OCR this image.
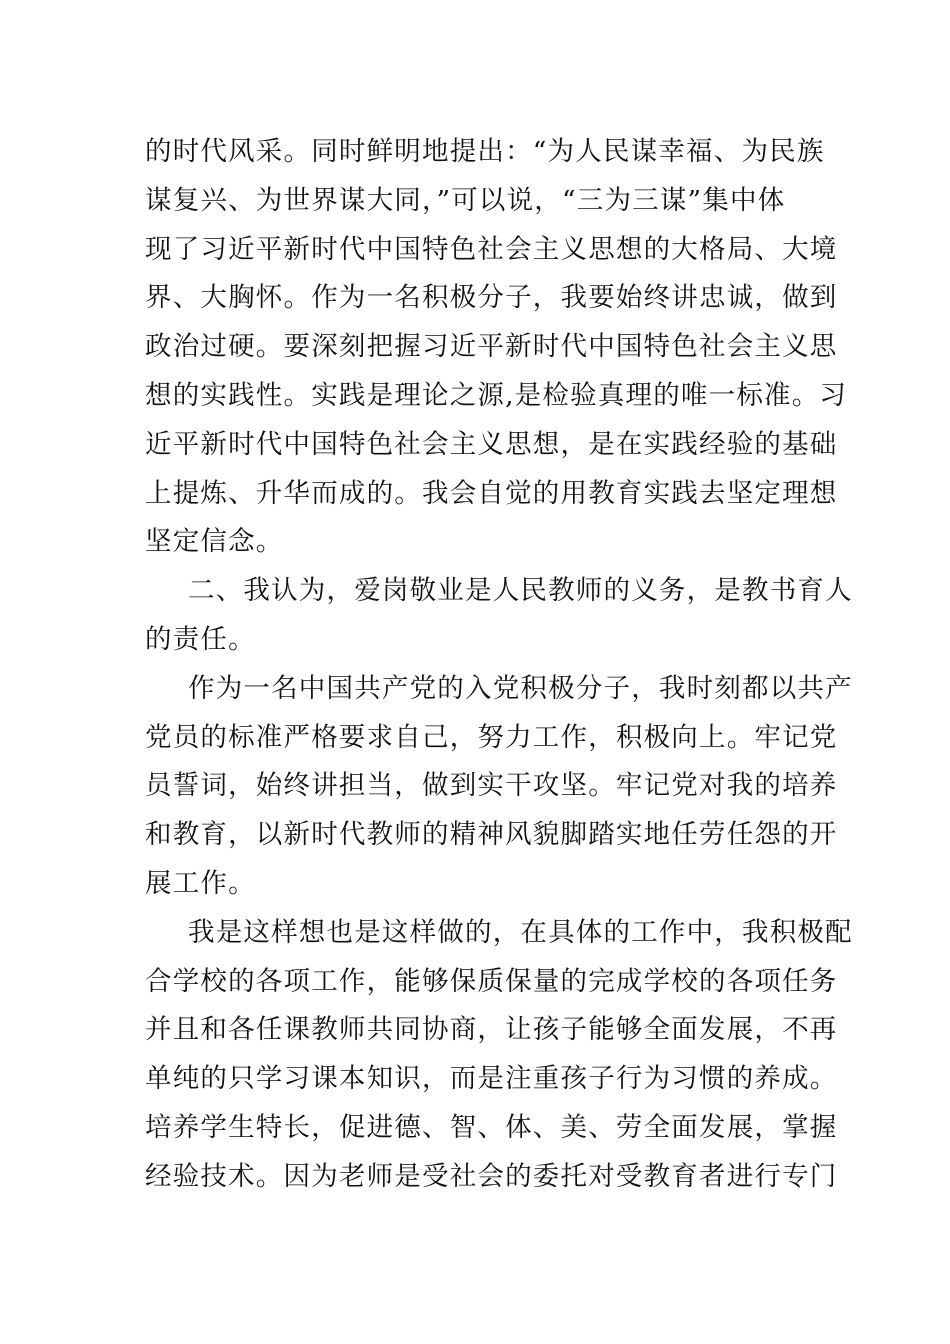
的时代风采。同时鲜明地提出：“为人民谋幸福、为民族
谋复兴、为世界谋大同，”可以说，“三为三谋”集中体
现了习近平新时代中国特色社会主义思想的大格局、大境
界、大胸怀。作为一名积极分子，我要始终讲忠诚，做到
政治过硬。要深刻把握习近平新时代中国特色社会主义思
想的实践性。实践是理论之源,是检验真理的唯一标准。习
近平新时代中国特色社会主义思想，是在实践经验的基础
上提炼、升华而成的。我会自觉的用教育实践去坚定理想
坚定信念。
二、我认为，爱岗敬业是人民教师的义务，是教书育人
的责任。
作为一名中国共产党的入党积极分子，我时刻都以共产
党员的标准严格要求自己，努力工作，积极向上。牢记党
员誓词，始终讲担当，做到实干攻坚。牢记党对我的培养
和教育，以新时代教师的精神风貌脚踏实地任劳任怨的开
展工作。
我是这样想也是这样做的，在具体的工作中，我积极配
合学校的各项工作，能够保质保量的完成学校的各项任务
并且和各任课教师共同协商，让孩子能够全面发展，不再
单纯的只学习课本知识，而是注重孩子行为习惯的养成。
培养学生特长，促进德、智、体、美、劳全面发展，掌握
经验技术。因为老师是受社会的委托对受教育者进行专门
